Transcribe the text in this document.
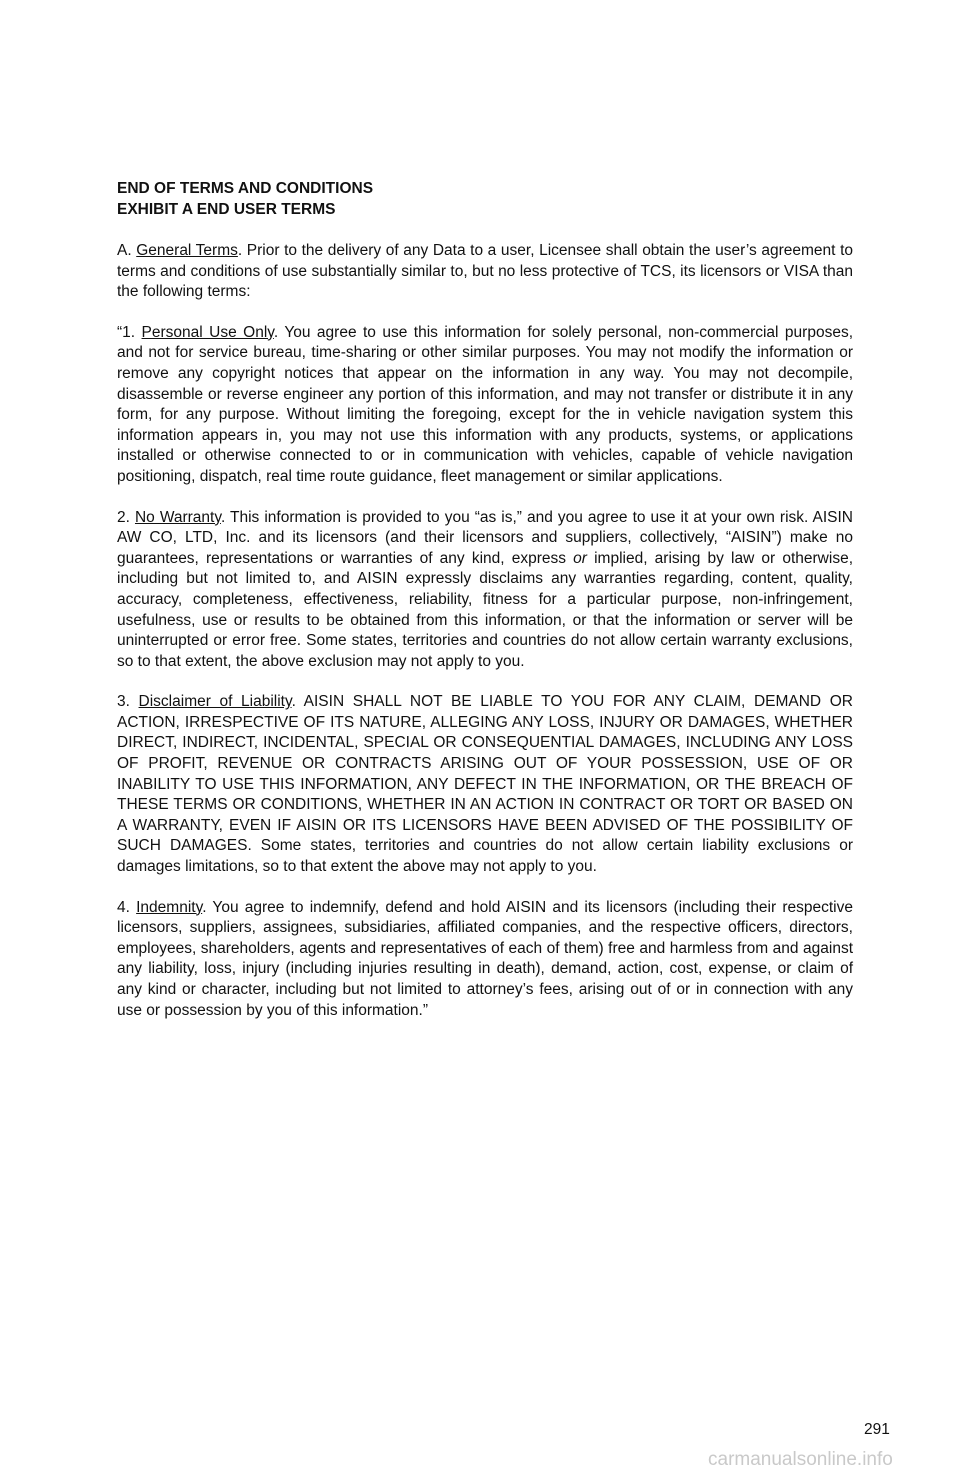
END OF TERMS AND CONDITIONS

EXHIBIT A END USER TERMS

A. General Terms. Prior to the delivery of any Data to a user, Licensee shall obtain the user’s agreement to terms and conditions of use substantially similar to, but no less protective of TCS, its licensors or VISA than the following terms:

“1. Personal Use Only. You agree to use this information for solely personal, non-commercial purposes, and not for service bureau, time-sharing or other similar purposes. You may not modify the information or remove any copyright notices that appear on the information in any way. You may not decompile, disassemble or reverse engineer any portion of this information, and may not transfer or distribute it in any form, for any purpose. Without limiting the foregoing, except for the in vehicle navigation system this information appears in, you may not use this information with any products, systems, or applications installed or otherwise connected to or in communication with vehicles, capable of vehicle navigation positioning, dispatch, real time route guidance, fleet management or similar applications.

2. No Warranty. This information is provided to you “as is,” and you agree to use it at your own risk. AISIN AW CO, LTD, Inc. and its licensors (and their licensors and suppliers, collectively, “AISIN”) make no guarantees, representations or warranties of any kind, express or implied, arising by law or otherwise, including but not limited to, and AISIN expressly disclaims any warranties regarding, content, quality, accuracy, completeness, effectiveness, reliability, fitness for a particular purpose, non-infringement, usefulness, use or results to be obtained from this information, or that the information or server will be uninterrupted or error free. Some states, territories and countries do not allow certain warranty exclusions, so to that extent, the above exclusion may not apply to you.

3. Disclaimer of Liability. AISIN SHALL NOT BE LIABLE TO YOU FOR ANY CLAIM, DEMAND OR ACTION, IRRESPECTIVE OF ITS NATURE, ALLEGING ANY LOSS, INJURY OR DAMAGES, WHETHER DIRECT, INDIRECT, INCIDENTAL, SPECIAL OR CONSEQUENTIAL DAMAGES, INCLUDING ANY LOSS OF PROFIT, REVENUE OR CONTRACTS ARISING OUT OF YOUR POSSESSION, USE OF OR INABILITY TO USE THIS INFORMATION, ANY DEFECT IN THE INFORMATION, OR THE BREACH OF THESE TERMS OR CONDITIONS, WHETHER IN AN ACTION IN CONTRACT OR TORT OR BASED ON A WARRANTY, EVEN IF AISIN OR ITS LICENSORS HAVE BEEN ADVISED OF THE POSSIBILITY OF SUCH DAMAGES. Some states, territories and countries do not allow certain liability exclusions or damages limitations, so to that extent the above may not apply to you.

4. Indemnity. You agree to indemnify, defend and hold AISIN and its licensors (including their respective licensors, suppliers, assignees, subsidiaries, affiliated companies, and the respective officers, directors, employees, shareholders, agents and representatives of each of them) free and harmless from and against any liability, loss, injury (including injuries resulting in death), demand, action, cost, expense, or claim of any kind or character, including but not limited to attorney’s fees, arising out of or in connection with any use or possession by you of this information.”

291
carmanualsonline.info
